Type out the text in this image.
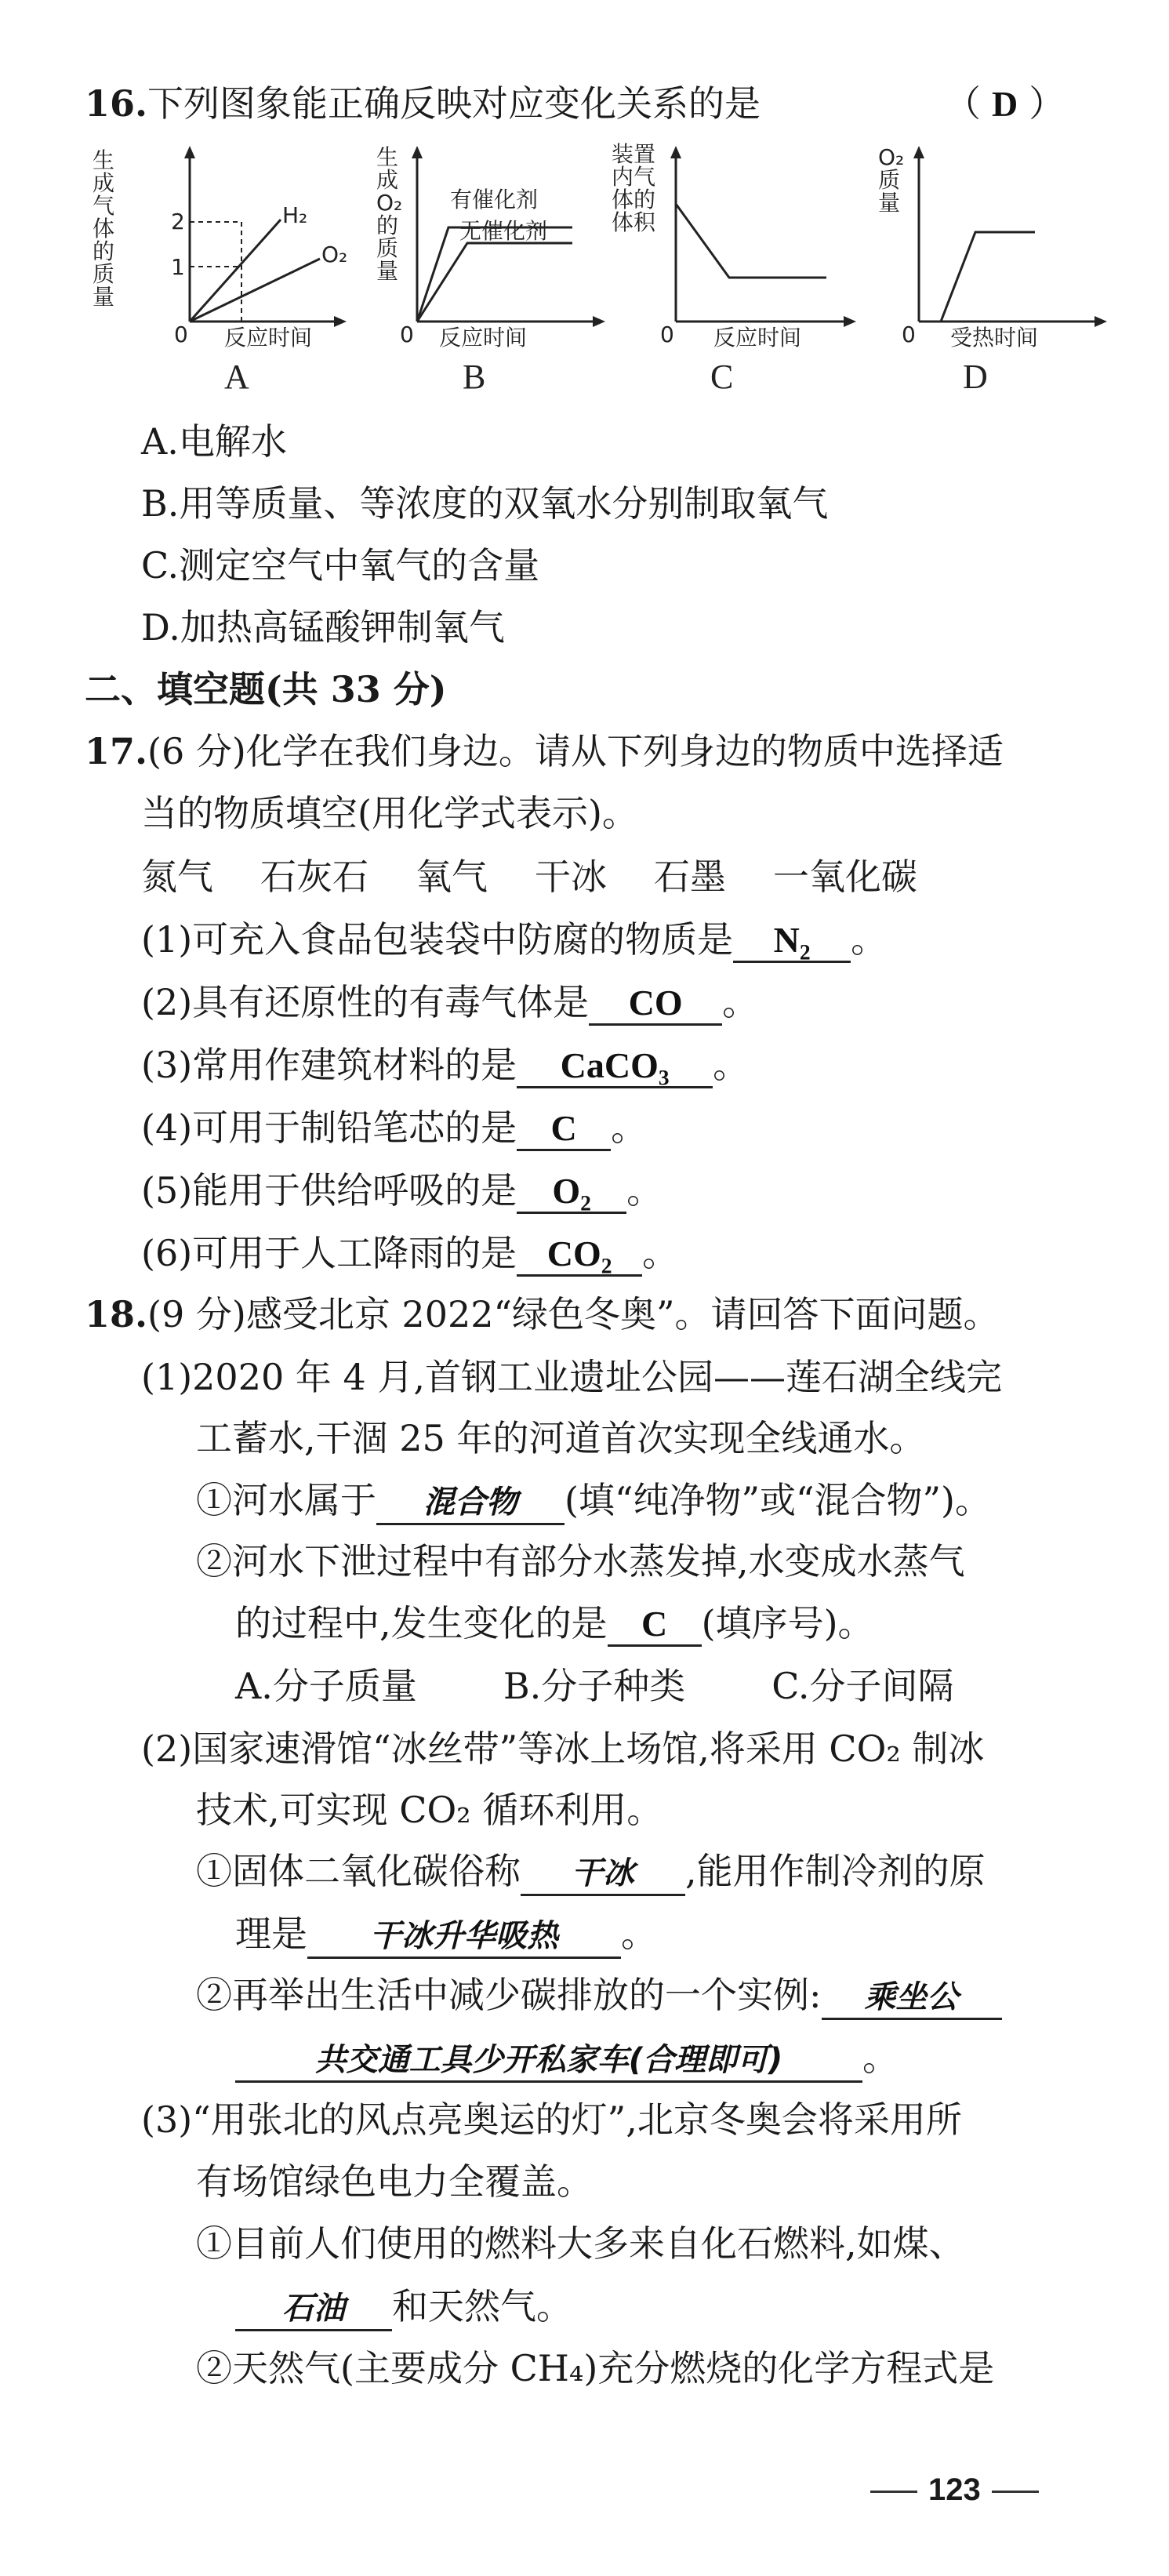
16.下列图象能正确反映对应变化关系的是	（ D ）
生成气体的质量
2
1
H₂
O₂
0 反应时间
A
生成O₂的质量
有催化剂
无催化剂
0 反应时间
B
装置内气体的体积
0 反应时间
C
O₂质量
0 受热时间
D
A.电解水
B.用等质量、等浓度的双氧水分别制取氧气
C.测定空气中氧气的含量
D.加热高锰酸钾制氧气
二、填空题(共 33 分)
17.(6 分)化学在我们身边。请从下列身边的物质中选择适
当的物质填空(用化学式表示)。
氮气 石灰石 氧气 干冰 石墨 一氧化碳
(1)可充入食品包装袋中防腐的物质是 N₂ 。
(2)具有还原性的有毒气体是 CO 。
(3)常用作建筑材料的是 CaCO₃ 。
(4)可用于制铅笔芯的是 C 。
(5)能用于供给呼吸的是 O₂ 。
(6)可用于人工降雨的是 CO₂ 。
18.(9 分)感受北京 2022“绿色冬奥”。请回答下面问题。
(1)2020 年 4 月,首钢工业遗址公园——莲石湖全线完
工蓄水,干涸 25 年的河道首次实现全线通水。
①河水属于 混合物 (填“纯净物”或“混合物”)。
②河水下泄过程中有部分水蒸发掉,水变成水蒸气
的过程中,发生变化的是 C (填序号)。
A.分子质量 B.分子种类 C.分子间隔
(2)国家速滑馆“冰丝带”等冰上场馆,将采用 CO₂ 制冰
技术,可实现 CO₂ 循环利用。
①固体二氧化碳俗称 干冰 ,能用作制冷剂的原
理是 干冰升华吸热 。
②再举出生活中减少碳排放的一个实例: 乘坐公
共交通工具少开私家车(合理即可) 。
(3)“用张北的风点亮奥运的灯”,北京冬奥会将采用所
有场馆绿色电力全覆盖。
①目前人们使用的燃料大多来自化石燃料,如煤、
石油 和天然气。
②天然气(主要成分 CH₄)充分燃烧的化学方程式是
123
